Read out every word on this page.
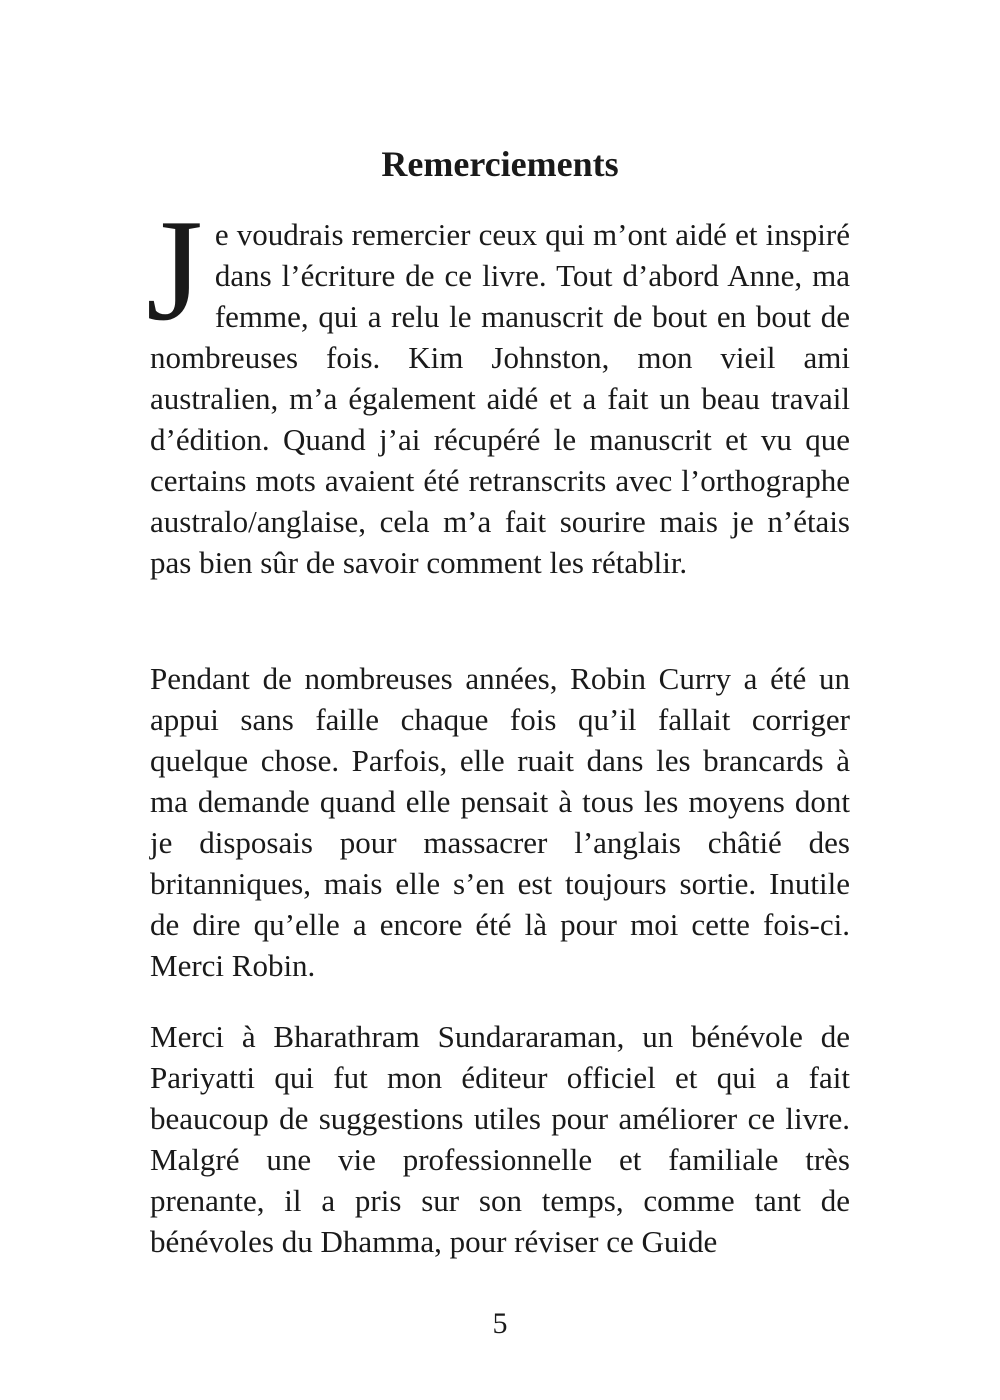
Remerciements

Je voudrais remercier ceux qui m’ont aidé et inspiré dans l’écriture de ce livre. Tout d’abord Anne, ma femme, qui a relu le manuscrit de bout en bout de nombreuses fois. Kim Johnston, mon vieil ami australien, m’a également aidé et a fait un beau travail d’édition. Quand j’ai récupéré le manuscrit et vu que certains mots avaient été retranscrits avec l’orthographe australo/anglaise, cela m’a fait sourire mais je n’étais pas bien sûr de savoir comment les rétablir.

Pendant de nombreuses années, Robin Curry a été un appui sans faille chaque fois qu’il fallait corriger quelque chose. Parfois, elle ruait dans les brancards à ma demande quand elle pensait à tous les moyens dont je disposais pour massacrer l’anglais châtié des britanniques, mais elle s’en est toujours sortie. Inutile de dire qu’elle a encore été là pour moi cette fois-ci. Merci Robin.

Merci à Bharathram Sundararaman, un bénévole de Pariyatti qui fut mon éditeur officiel et qui a fait beaucoup de suggestions utiles pour améliorer ce livre. Malgré une vie professionnelle et familiale très prenante, il a pris sur son temps, comme tant de bénévoles du Dhamma, pour réviser ce Guide

5
